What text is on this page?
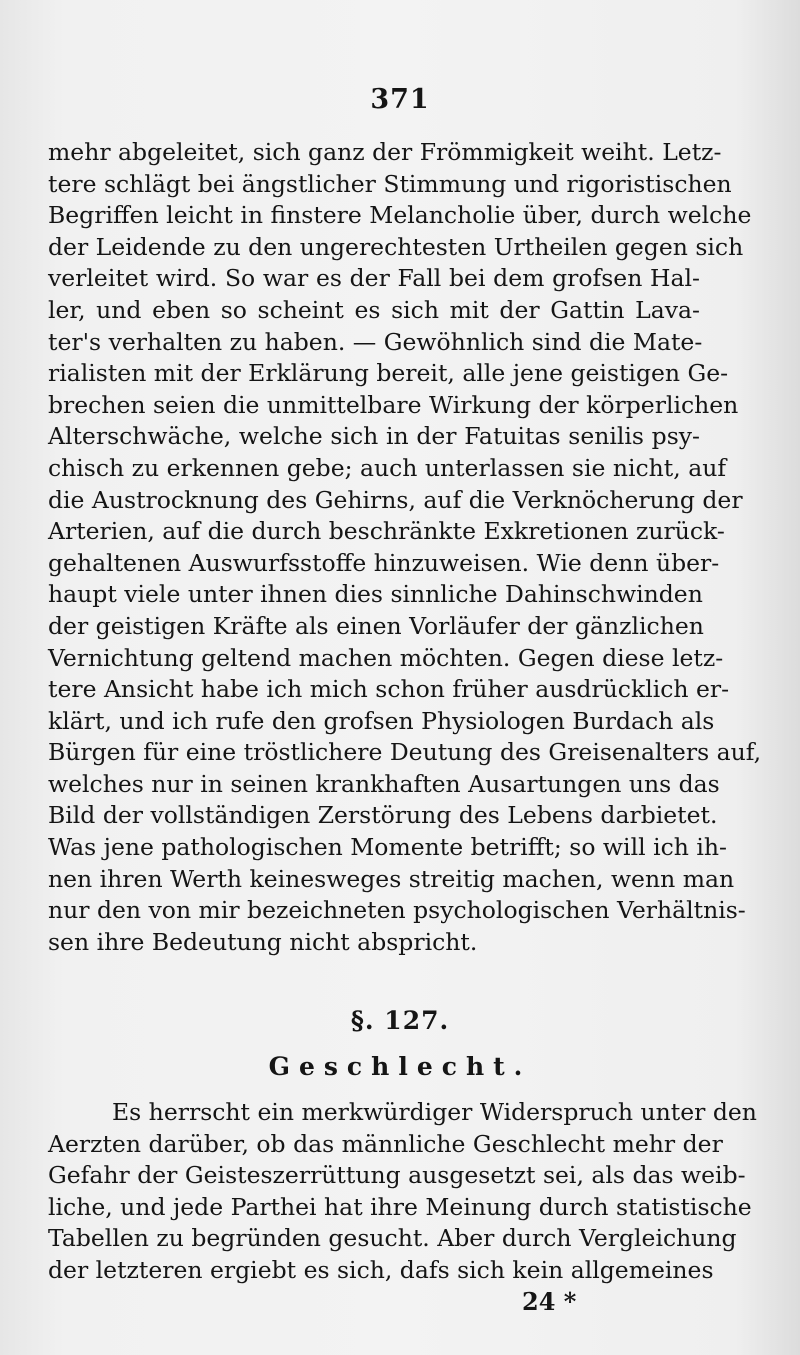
371
mehr abgeleitet, sich ganz der Frömmigkeit weiht. Letz-
tere schlägt bei ängstlicher Stimmung und rigoristischen
Begriffen leicht in finstere Melancholie über, durch welche
der Leidende zu den ungerechtesten Urtheilen gegen sich
verleitet wird. So war es der Fall bei dem grofsen Hal-
ler, und eben so scheint es sich mit der Gattin Lava-
ter's verhalten zu haben. — Gewöhnlich sind die Mate-
rialisten mit der Erklärung bereit, alle jene geistigen Ge-
brechen seien die unmittelbare Wirkung der körperlichen
Alterschwäche, welche sich in der Fatuitas senilis psy-
chisch zu erkennen gebe; auch unterlassen sie nicht, auf
die Austrocknung des Gehirns, auf die Verknöcherung der
Arterien, auf die durch beschränkte Exkretionen zurück-
gehaltenen Auswurfsstoffe hinzuweisen. Wie denn über-
haupt viele unter ihnen dies sinnliche Dahinschwinden
der geistigen Kräfte als einen Vorläufer der gänzlichen
Vernichtung geltend machen möchten. Gegen diese letz-
tere Ansicht habe ich mich schon früher ausdrücklich er-
klärt, und ich rufe den grofsen Physiologen Burdach als
Bürgen für eine tröstlichere Deutung des Greisenalters auf,
welches nur in seinen krankhaften Ausartungen uns das
Bild der vollständigen Zerstörung des Lebens darbietet.
Was jene pathologischen Momente betrifft; so will ich ih-
nen ihren Werth keinesweges streitig machen, wenn man
nur den von mir bezeichneten psychologischen Verhältnis-
sen ihre Bedeutung nicht abspricht.
§. 127.
Geschlecht.
Es herrscht ein merkwürdiger Widerspruch unter den
Aerzten darüber, ob das männliche Geschlecht mehr der
Gefahr der Geisteszerrüttung ausgesetzt sei, als das weib-
liche, und jede Parthei hat ihre Meinung durch statistische
Tabellen zu begründen gesucht. Aber durch Vergleichung
der letzteren ergiebt es sich, dafs sich kein allgemeines
24 *
